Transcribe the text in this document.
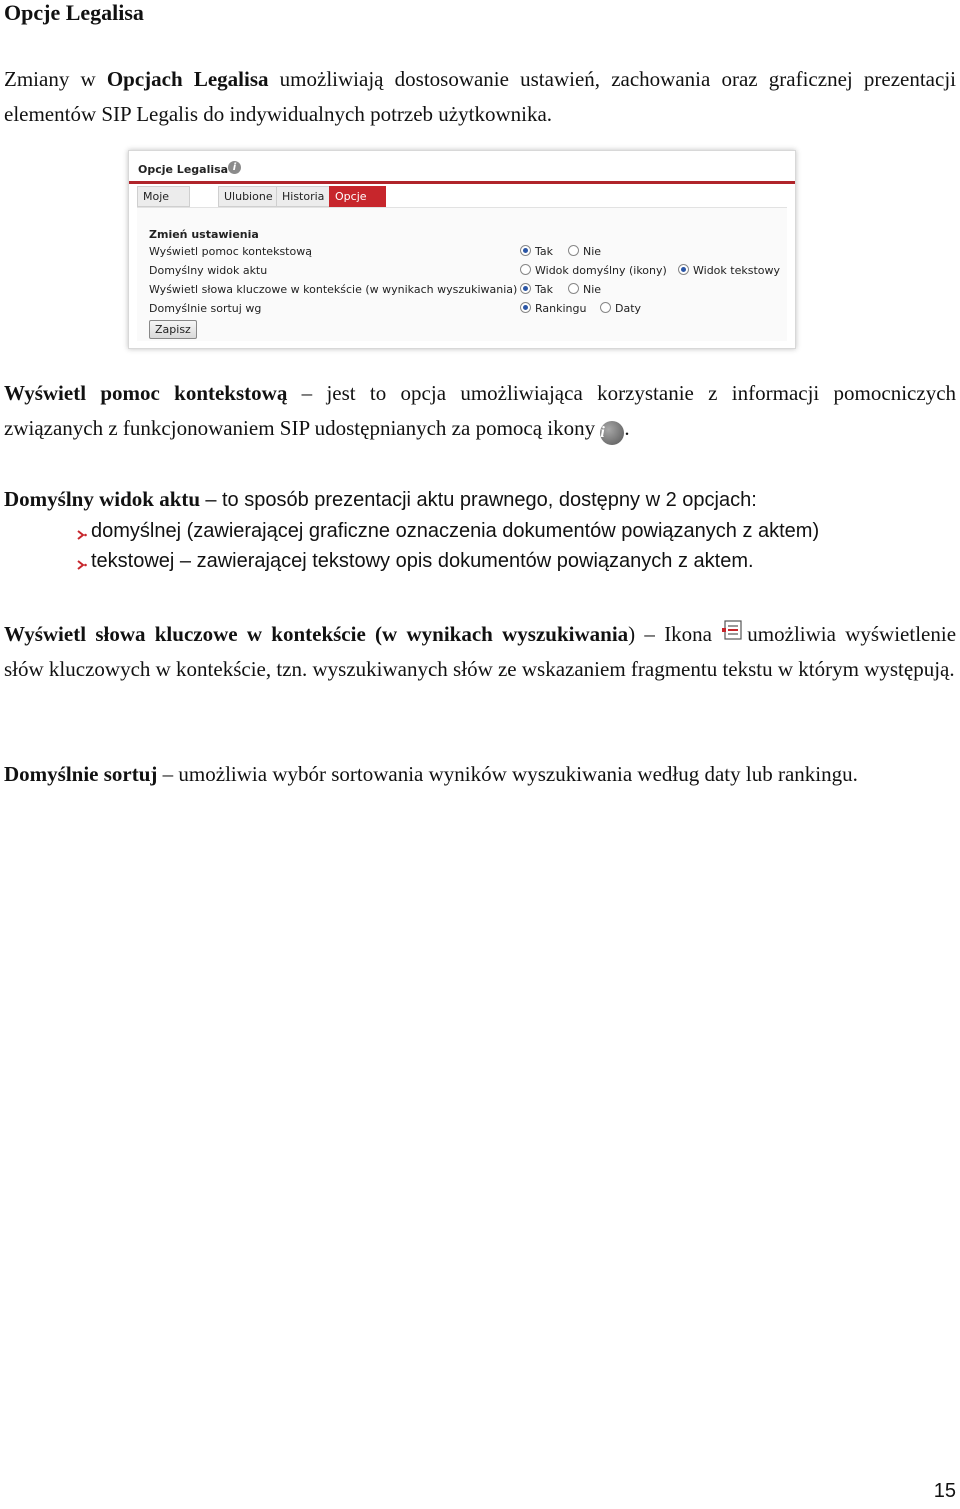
Opcje Legalisa
Zmiany w Opcjach Legalisa umożliwiają dostosowanie ustawień, zachowania oraz graficznej prezentacji elementów SIP Legalis do indywidualnych potrzeb użytkownika.
Opcje Legalisa i
Moje	Ulubione Historia Opcje
Zmień ustawienia
Wyświetl pomoc kontekstową	Tak	Nie
Domyślny widok aktu	Widok domyślny (ikony) Widok tekstowy
Wyświetl słowa kluczowe w kontekście (w wynikach wyszukiwania) Tak	Nie
Domyślnie sortuj wg	Rankingu	Daty
Zapisz
Wyświetl pomoc kontekstową – jest to opcja umożliwiająca korzystanie z informacji pomocniczych związanych z funkcjonowaniem SIP udostępnianych za pomocą ikony i .
Domyślny widok aktu – to sposób prezentacji aktu prawnego, dostępny w 2 opcjach:
domyślnej (zawierającej graficzne oznaczenia dokumentów powiązanych z aktem)
tekstowej – zawierającej tekstowy opis dokumentów powiązanych z aktem.
Wyświetl słowa kluczowe w kontekście (w wynikach wyszukiwania) – Ikona umożliwia wyświetlenie słów kluczowych w kontekście, tzn. wyszukiwanych słów ze wskazaniem fragmentu tekstu w którym występują.
Domyślnie sortuj – umożliwia wybór sortowania wyników wyszukiwania według daty lub rankingu.
15
